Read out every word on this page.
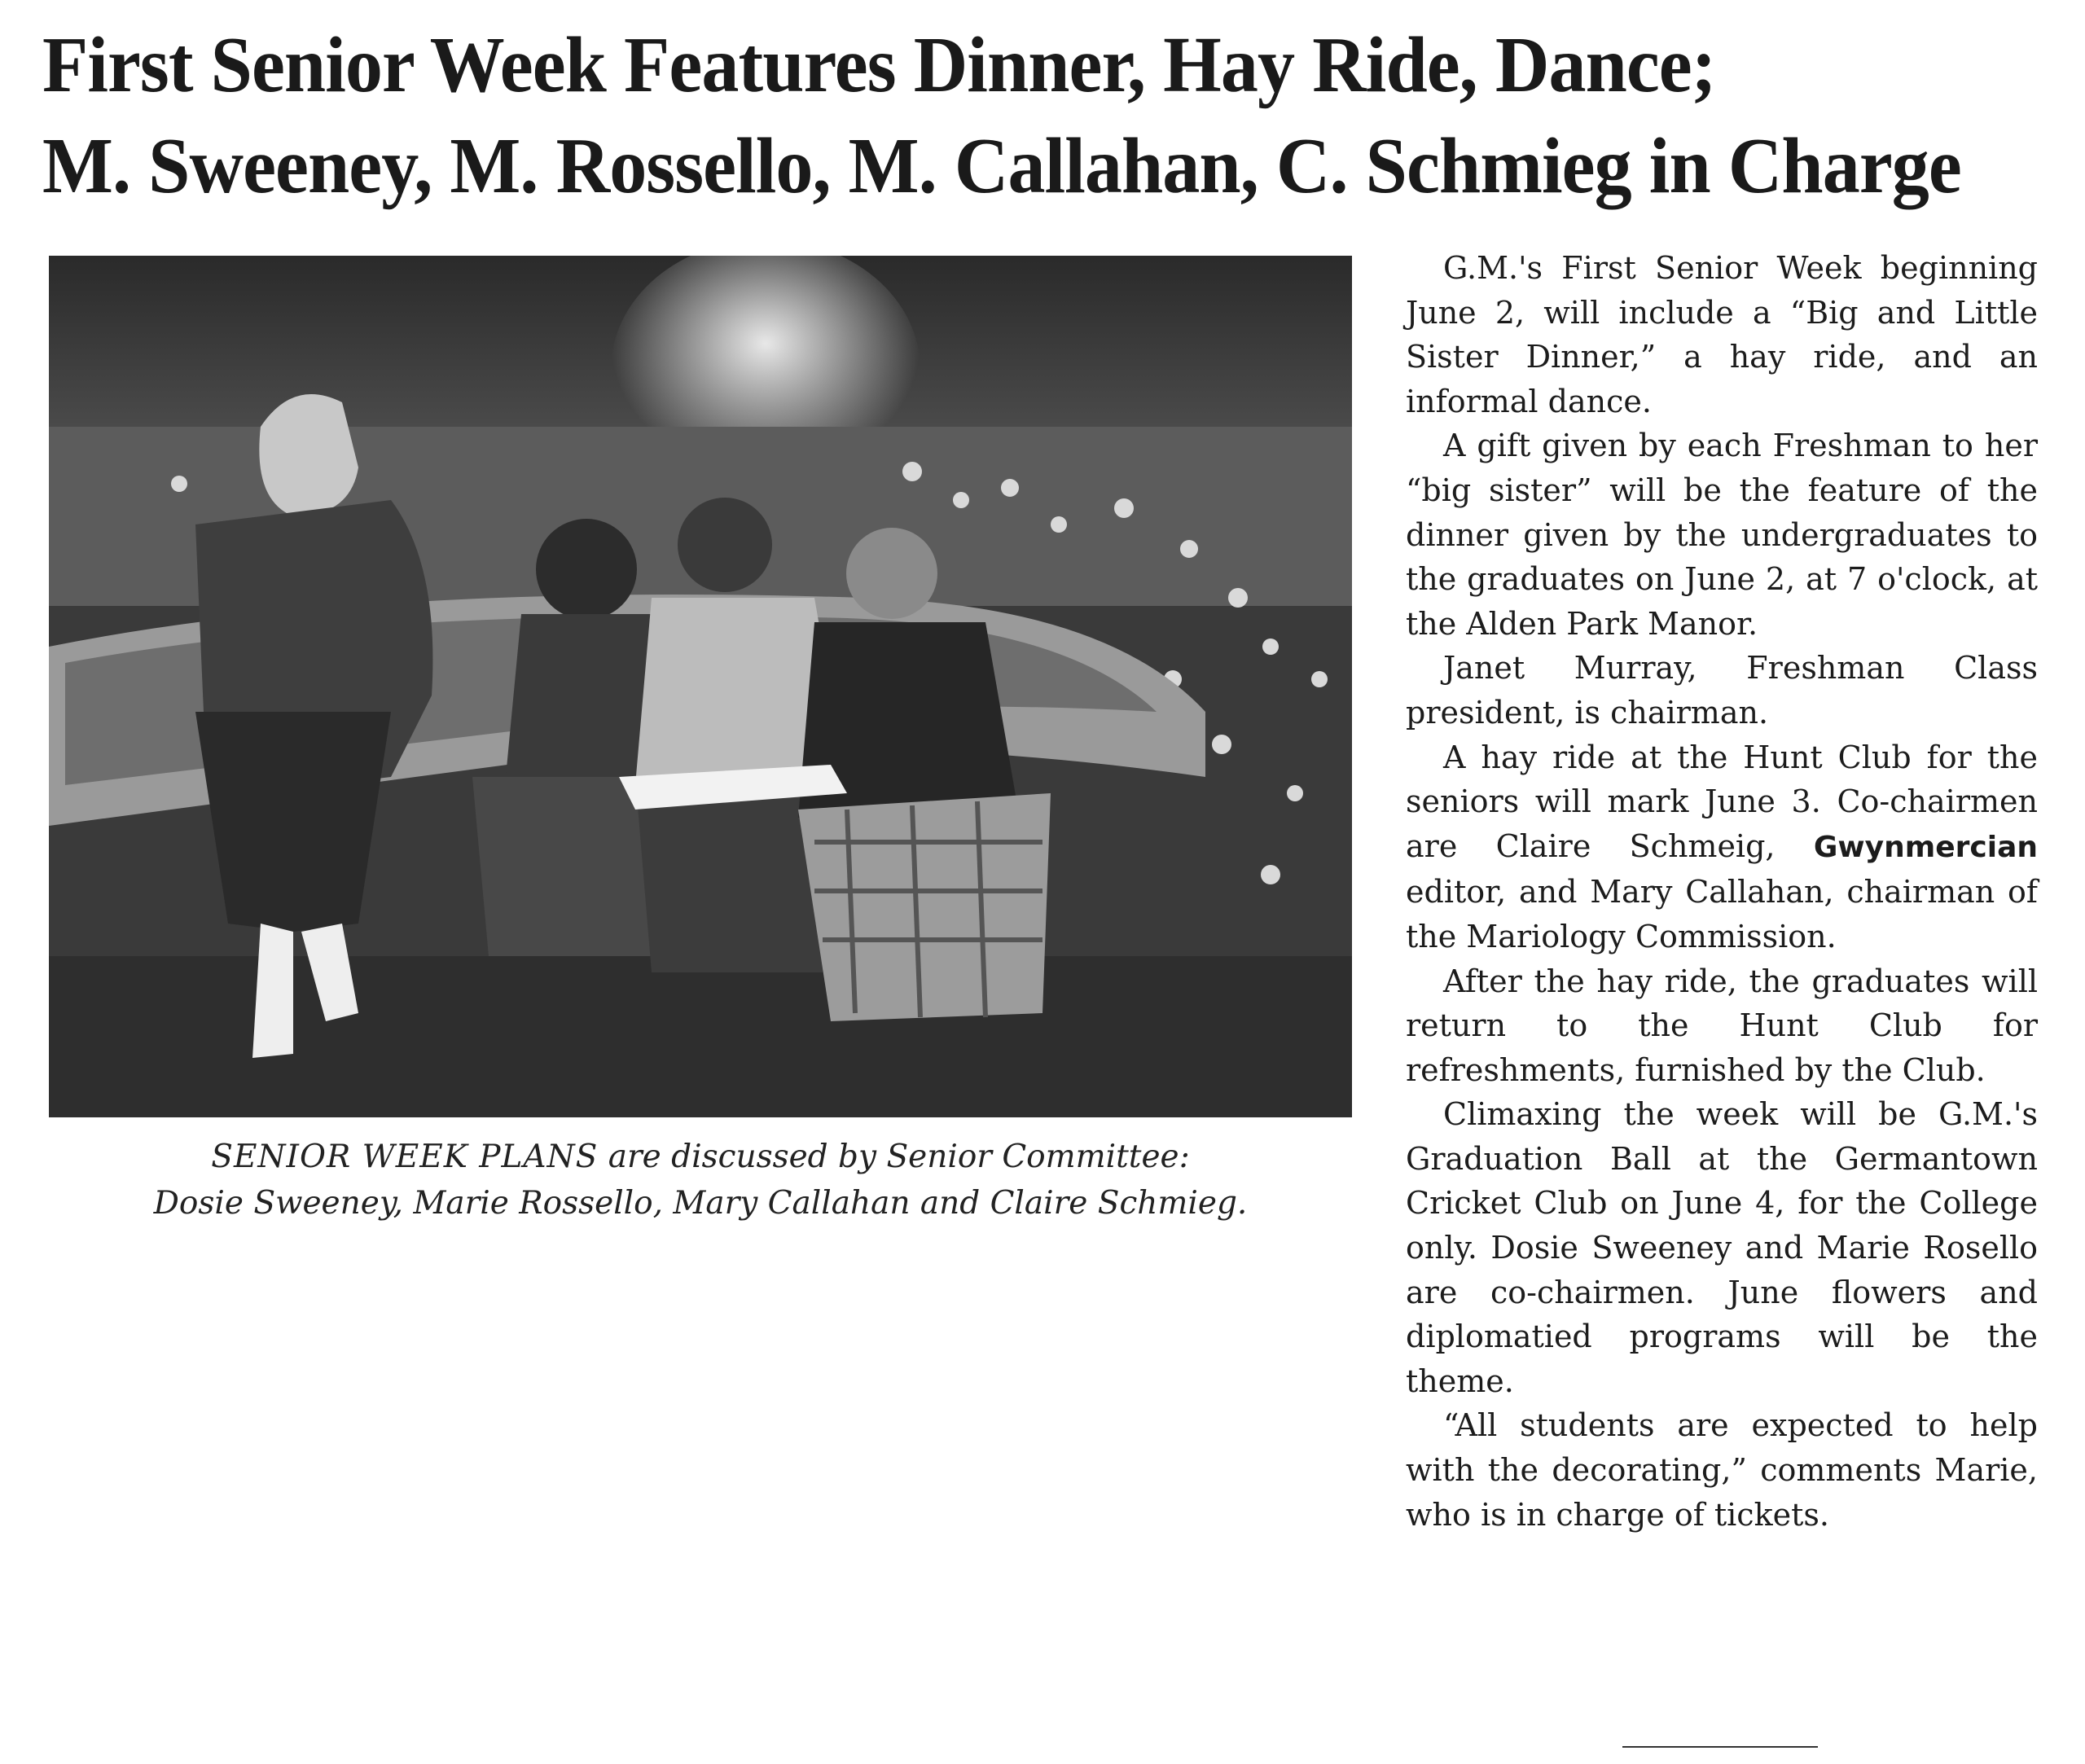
First Senior Week Features Dinner, Hay Ride, Dance;
M. Sweeney, M. Rossello, M. Callahan, C. Schmieg in Charge
SENIOR WEEK PLANS are discussed by Senior Committee:
Dosie Sweeney, Marie Rossello, Mary Callahan and Claire Schmieg.

G.M.'s First Senior Week beginning June 2, will include a “Big and Little Sister Dinner,” a hay ride, and an informal dance.

A gift given by each Freshman to her “big sister” will be the feature of the dinner given by the undergraduates to the graduates on June 2, at 7 o'clock, at the Alden Park Manor.

Janet Murray, Freshman Class president, is chairman.

A hay ride at the Hunt Club for the seniors will mark June 3. Co-chairmen are Claire Schmeig, Gwynmercian editor, and Mary Callahan, chairman of the Mariology Commission.

After the hay ride, the graduates will return to the Hunt Club for refreshments, furnished by the Club.

Climaxing the week will be G.M.'s Graduation Ball at the Germantown Cricket Club on June 4, for the College only. Dosie Sweeney and Marie Rosello are co-chairmen. June flowers and diplomatied programs will be the theme.

“All students are expected to help with the decorating,” comments Marie, who is in charge of tickets.
